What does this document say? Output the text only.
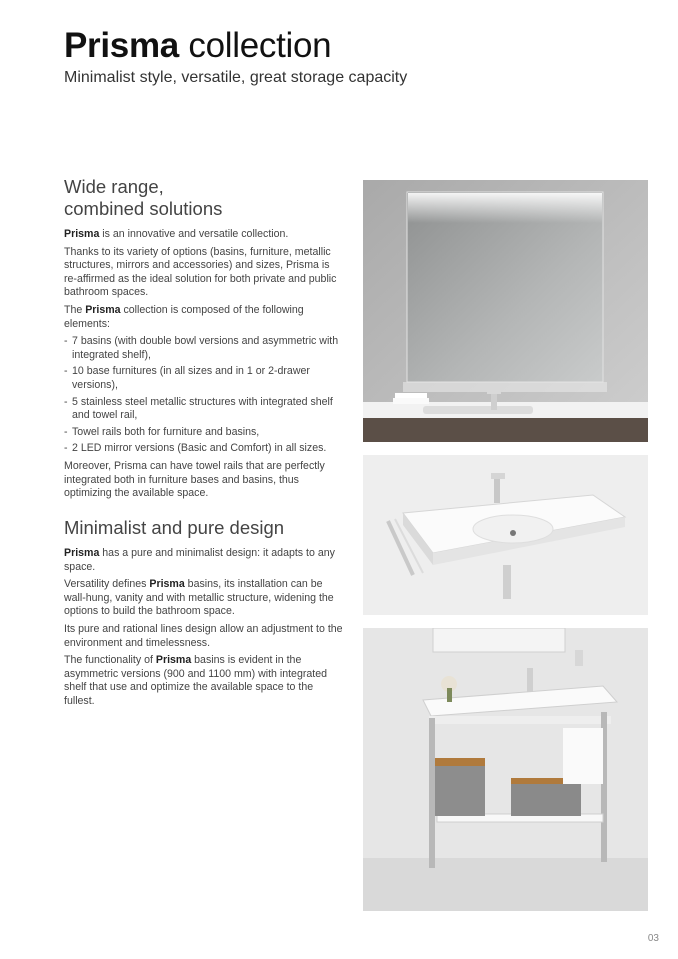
Prisma collection
Minimalist style, versatile, great storage capacity
Wide range,
combined solutions

Prisma is an innovative and versatile collection.

Thanks to its variety of options (basins, furniture, metallic structures, mirrors and accessories) and sizes, Prisma is re-affirmed as the ideal solution for both private and public bathroom spaces.

The Prisma collection is composed of the following elements:

- 7 basins (with double bowl versions and asymmetric with integrated shelf),
- 10 base furnitures (in all sizes and in 1 or 2-drawer versions),
- 5 stainless steel metallic structures with integrated shelf and towel rail,
- Towel rails both for furniture and basins,
- 2 LED mirror versions (Basic and Comfort) in all sizes.

Moreover, Prisma can have towel rails that are perfectly integrated both in furniture bases and basins, thus optimizing the available space.

Minimalist and pure design

Prisma has a pure and minimalist design: it adapts to any space.

Versatility defines Prisma basins, its installation can be wall-hung, vanity and with metallic structure, widening the options to build the bathroom space.

Its pure and rational lines design allow an adjustment to the environment and timelessness.

The functionality of Prisma basins is evident in the asymmetric versions (900 and 1100 mm) with integrated shelf that use and optimize the available space to the fullest.

03
